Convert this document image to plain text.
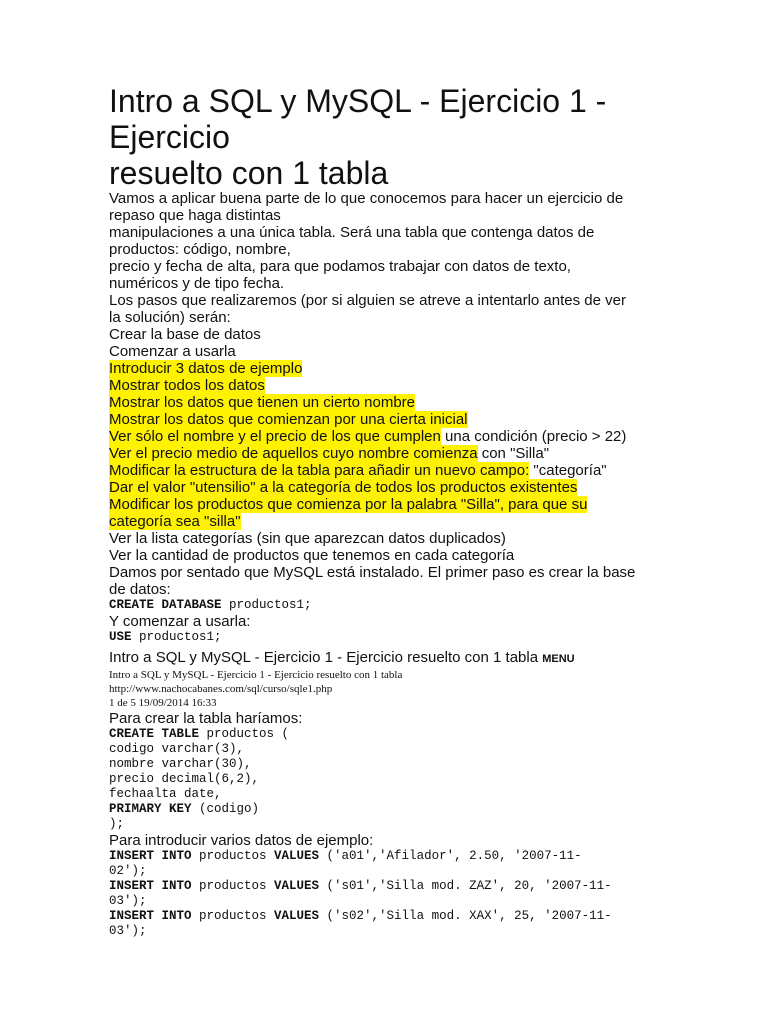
Intro a SQL y MySQL - Ejercicio 1 -
Ejercicio
resuelto con 1 tabla
Vamos a aplicar buena parte de lo que conocemos para hacer un ejercicio de
repaso que haga distintas
manipulaciones a una única tabla. Será una tabla que contenga datos de
productos: código, nombre,
precio y fecha de alta, para que podamos trabajar con datos de texto,
numéricos y de tipo fecha.
Los pasos que realizaremos (por si alguien se atreve a intentarlo antes de ver
la solución) serán:
Crear la base de datos
Comenzar a usarla
Introducir 3 datos de ejemplo
Mostrar todos los datos
Mostrar los datos que tienen un cierto nombre
Mostrar los datos que comienzan por una cierta inicial
Ver sólo el nombre y el precio de los que cumplen una condición (precio > 22)
Ver el precio medio de aquellos cuyo nombre comienza con "Silla"
Modificar la estructura de la tabla para añadir un nuevo campo: "categoría"
Dar el valor "utensilio" a la categoría de todos los productos existentes
Modificar los productos que comienza por la palabra "Silla", para que su
categoría sea "silla"
Ver la lista categorías (sin que aparezcan datos duplicados)
Ver la cantidad de productos que tenemos en cada categoría
Damos por sentado que MySQL está instalado. El primer paso es crear la base
de datos:
CREATE DATABASE productos1;
Y comenzar a usarla:
USE productos1;
Intro a SQL y MySQL - Ejercicio 1 - Ejercicio resuelto con 1 tabla MENU
Intro a SQL y MySQL - Ejercicio 1 - Ejercicio resuelto con 1 tabla
http://www.nachocabanes.com/sql/curso/sqle1.php
1 de 5 19/09/2014 16:33
Para crear la tabla haríamos:
CREATE TABLE productos (
codigo varchar(3),
nombre varchar(30),
precio decimal(6,2),
fechaalta date,
PRIMARY KEY (codigo)
);
Para introducir varios datos de ejemplo:
INSERT INTO productos VALUES ('a01','Afilador', 2.50, '2007-11-
02');
INSERT INTO productos VALUES ('s01','Silla mod. ZAZ', 20, '2007-11-
03');
INSERT INTO productos VALUES ('s02','Silla mod. XAX', 25, '2007-11-
03');
